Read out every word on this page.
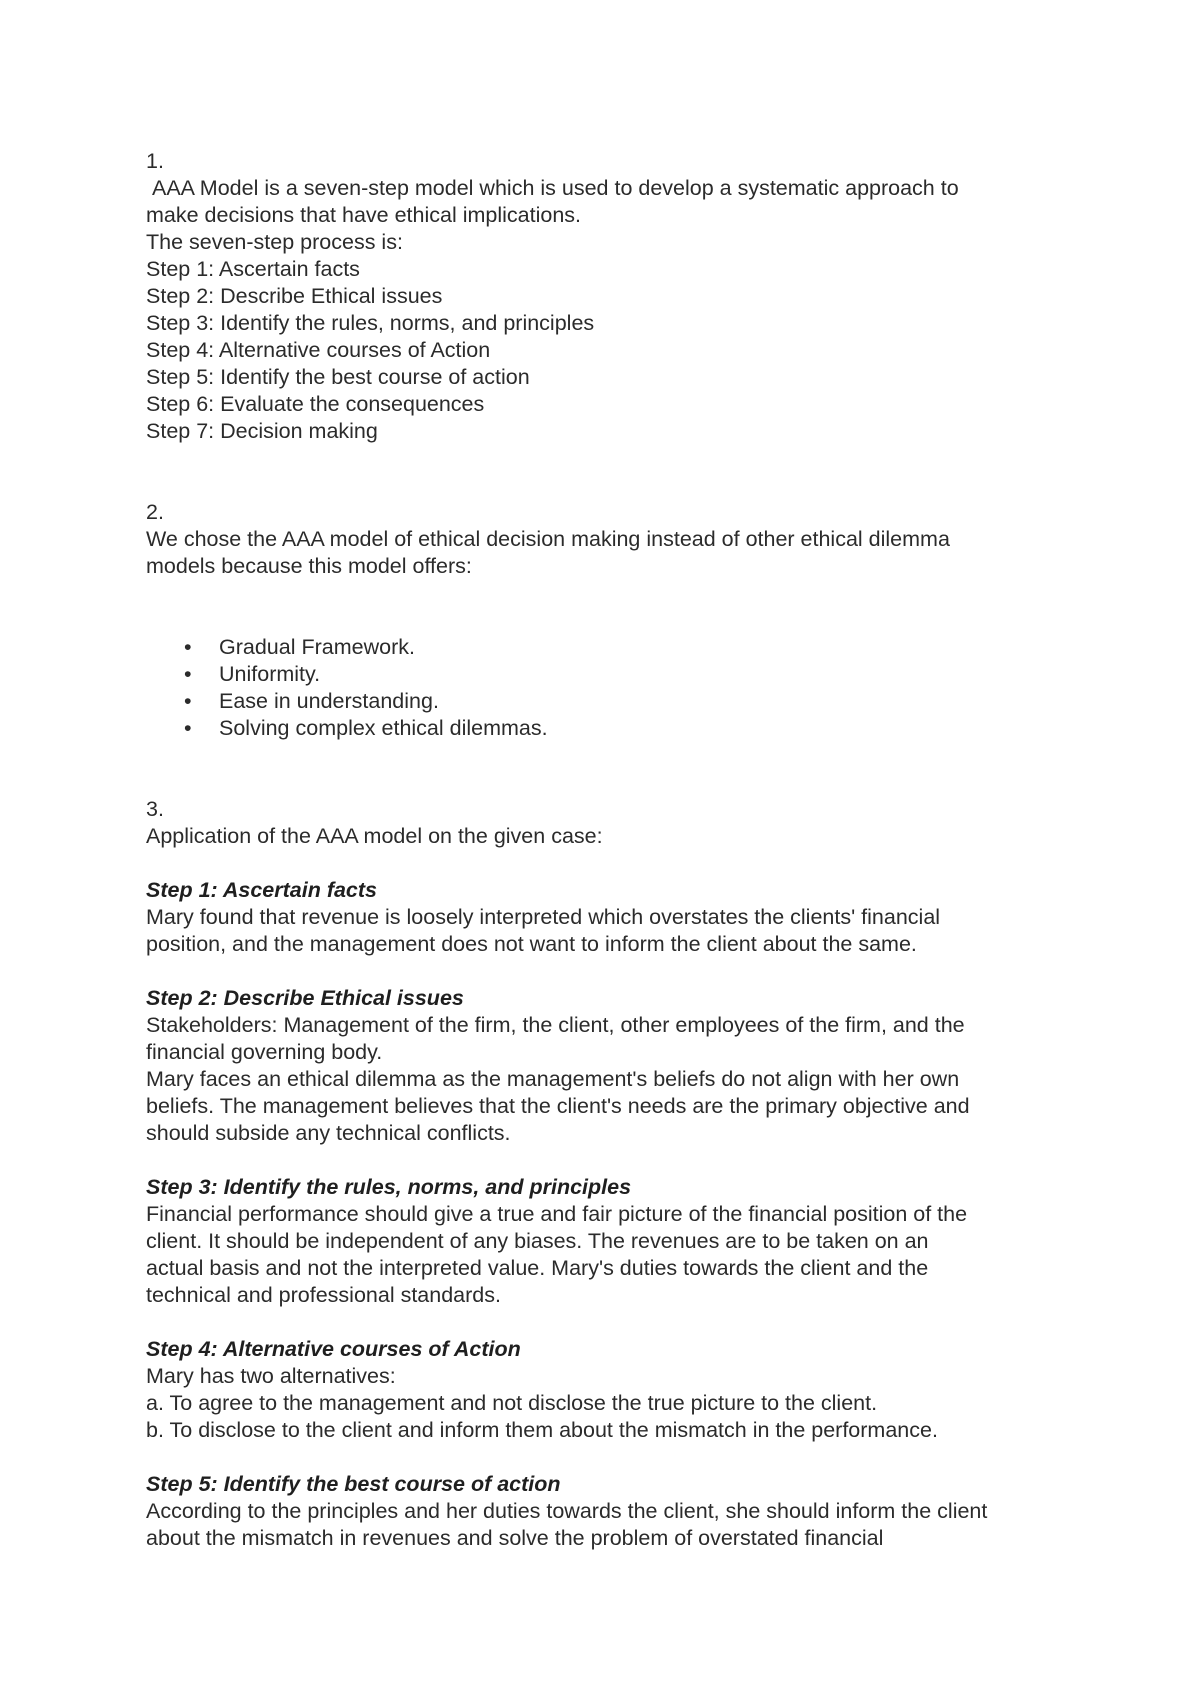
1.

AAA Model is a seven-step model which is used to develop a systematic approach to

make decisions that have ethical implications.

The seven-step process is:

Step 1: Ascertain facts

Step 2: Describe Ethical issues

Step 3: Identify the rules, norms, and principles

Step 4: Alternative courses of Action

Step 5: Identify the best course of action

Step 6: Evaluate the consequences

Step 7: Decision making

2.

We chose the AAA model of ethical decision making instead of other ethical dilemma

models because this model offers:

• Gradual Framework.
• Uniformity.
• Ease in understanding.
• Solving complex ethical dilemmas.

3.

Application of the AAA model on the given case:

Step 1: Ascertain facts

Mary found that revenue is loosely interpreted which overstates the clients' financial

position, and the management does not want to inform the client about the same.

Step 2: Describe Ethical issues

Stakeholders: Management of the firm, the client, other employees of the firm, and the

financial governing body.

Mary faces an ethical dilemma as the management's beliefs do not align with her own

beliefs. The management believes that the client's needs are the primary objective and

should subside any technical conflicts.

Step 3: Identify the rules, norms, and principles

Financial performance should give a true and fair picture of the financial position of the

client. It should be independent of any biases. The revenues are to be taken on an

actual basis and not the interpreted value. Mary's duties towards the client and the

technical and professional standards.

Step 4: Alternative courses of Action

Mary has two alternatives:

a. To agree to the management and not disclose the true picture to the client.

b. To disclose to the client and inform them about the mismatch in the performance.

Step 5: Identify the best course of action

According to the principles and her duties towards the client, she should inform the client

about the mismatch in revenues and solve the problem of overstated financial
